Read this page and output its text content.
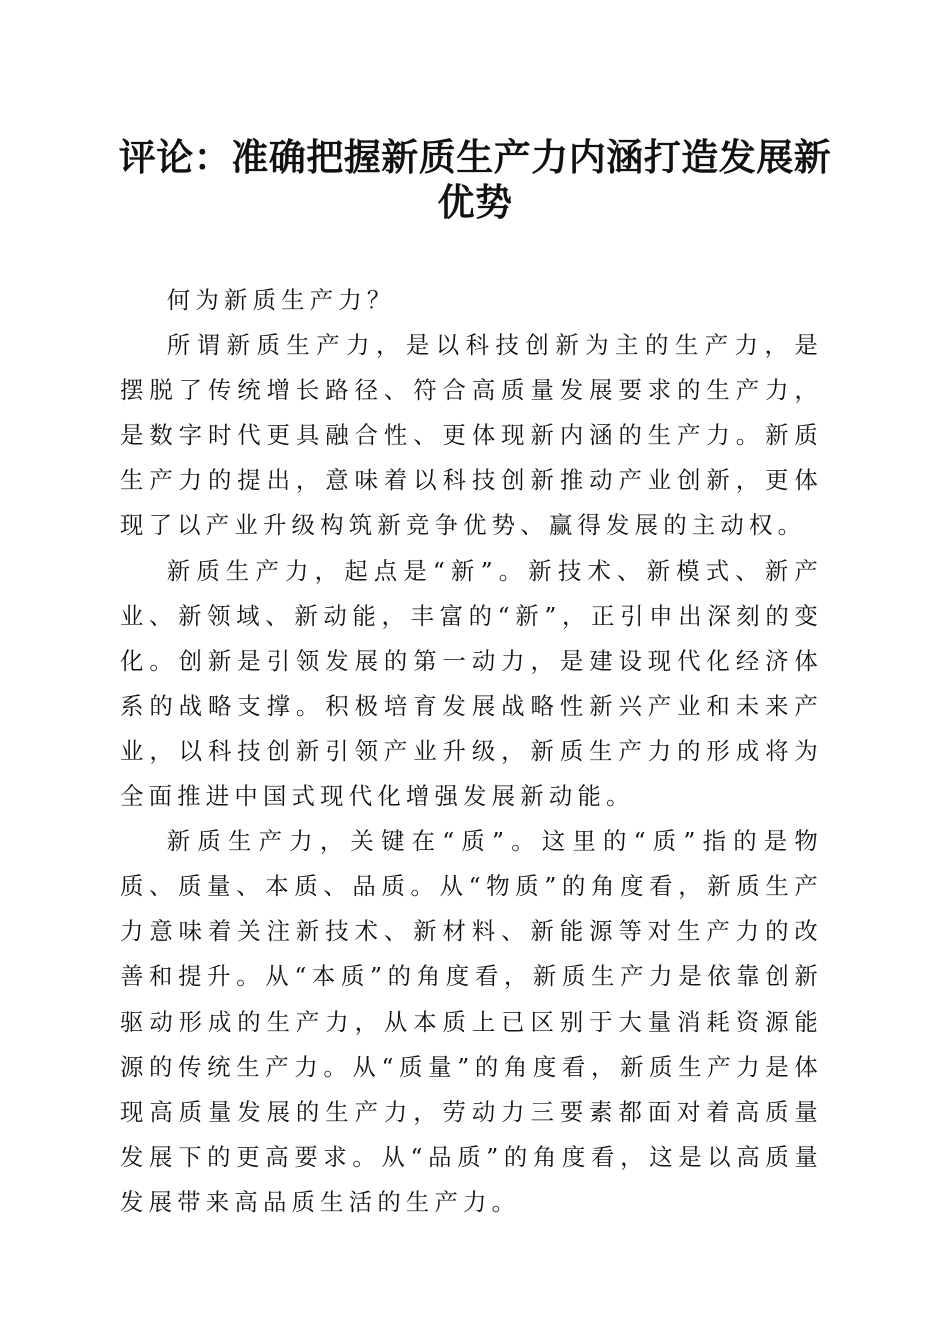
评论：准确把握新质生产力内涵打造发展新优势

何为新质生产力？

所谓新质生产力，是以科技创新为主的生产力，是摆脱了传统增长路径、符合高质量发展要求的生产力，是数字时代更具融合性、更体现新内涵的生产力。新质生产力的提出，意味着以科技创新推动产业创新，更体现了以产业升级构筑新竞争优势、赢得发展的主动权。

新质生产力，起点是“新”。新技术、新模式、新产业、新领域、新动能，丰富的“新”，正引申出深刻的变化。创新是引领发展的第一动力，是建设现代化经济体系的战略支撑。积极培育发展战略性新兴产业和未来产业，以科技创新引领产业升级，新质生产力的形成将为全面推进中国式现代化增强发展新动能。

新质生产力，关键在“质”。这里的“质”指的是物质、质量、本质、品质。从“物质”的角度看，新质生产力意味着关注新技术、新材料、新能源等对生产力的改善和提升。从“本质”的角度看，新质生产力是依靠创新驱动形成的生产力，从本质上已区别于大量消耗资源能源的传统生产力。从“质量”的角度看，新质生产力是体现高质量发展的生产力，劳动力三要素都面对着高质量发展下的更高要求。从“品质”的角度看，这是以高质量发展带来高品质生活的生产力。
